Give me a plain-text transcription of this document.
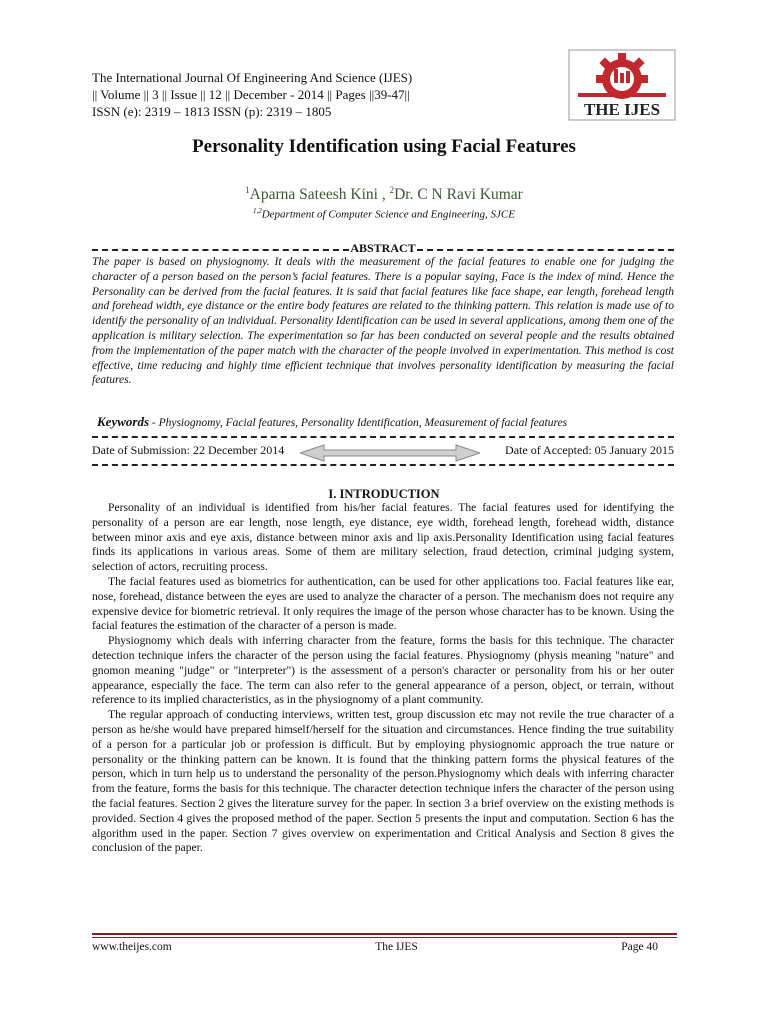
The International Journal Of Engineering And Science (IJES)
|| Volume || 3 || Issue || 12 || December - 2014 || Pages ||39-47||
ISSN (e): 2319 – 1813 ISSN (p): 2319 – 1805	THE IJES
Personality Identification using Facial Features
$^1$Aparna Sateesh Kini , $^2$Dr. C N Ravi Kumar
$^{1,2}$Department of Computer Science and Engineering, SJCE
ABSTRACT
The paper is based on physiognomy. It deals with the measurement of the facial features to enable one for judging the character of a person based on the person’s facial features. There is a popular saying, Face is the index of mind. Hence the Personality can be derived from the facial features. It is said that facial features like face shape, ear length, forehead length and forehead width, eye distance or the entire body features are related to the thinking pattern. This relation is made use of to identify the personality of an individual. Personality Identification can be used in several applications, among them one of the application is military selection. The experimentation so far has been conducted on several people and the results obtained from the implementation of the paper match with the character of the people involved in experimentation. This method is cost effective, time reducing and highly time efficient technique that involves personality identification by measuring the facial features.
Keywords - Physiognomy, Facial features, Personality Identification, Measurement of facial features
Date of Submission: 22 December 2014	Date of Accepted: 05 January 2015
I. INTRODUCTION

Personality of an individual is identified from his/her facial features. The facial features used for identifying the personality of a person are ear length, nose length, eye distance, eye width, forehead length, forehead width, distance between minor axis and eye axis, distance between minor axis and lip axis.Personality Identification using facial features finds its applications in various areas. Some of them are military selection, fraud detection, criminal judging system, selection of actors, recruiting process.

The facial features used as biometrics for authentication, can be used for other applications too. Facial features like ear, nose, forehead, distance between the eyes are used to analyze the character of a person. The mechanism does not require any expensive device for biometric retrieval. It only requires the image of the person whose character has to be known. Using the facial features the estimation of the character of a person is made.

Physiognomy which deals with inferring character from the feature, forms the basis for this technique. The character detection technique infers the character of the person using the facial features. Physiognomy (physis meaning "nature" and gnomon meaning "judge" or "interpreter") is the assessment of a person's character or personality from his or her outer appearance, especially the face. The term can also refer to the general appearance of a person, object, or terrain, without reference to its implied characteristics, as in the physiognomy of a plant community.

The regular approach of conducting interviews, written test, group discussion etc may not revile the true character of a person as he/she would have prepared himself/herself for the situation and circumstances. Hence finding the true suitability of a person for a particular job or profession is difficult. But by employing physiognomic approach the true nature or personality or the thinking pattern can be known. It is found that the thinking pattern forms the physical features of the person, which in turn help us to understand the personality of the person.Physiognomy which deals with inferring character from the feature, forms the basis for this technique. The character detection technique infers the character of the person using the facial features. Section 2 gives the literature survey for the paper. In section 3 a brief overview on the existing methods is provided. Section 4 gives the proposed method of the paper. Section 5 presents the input and computation. Section 6 has the algorithm used in the paper. Section 7 gives overview on experimentation and Critical Analysis and Section 8 gives the conclusion of the paper.

www.theijes.com	The IJES	Page 40
